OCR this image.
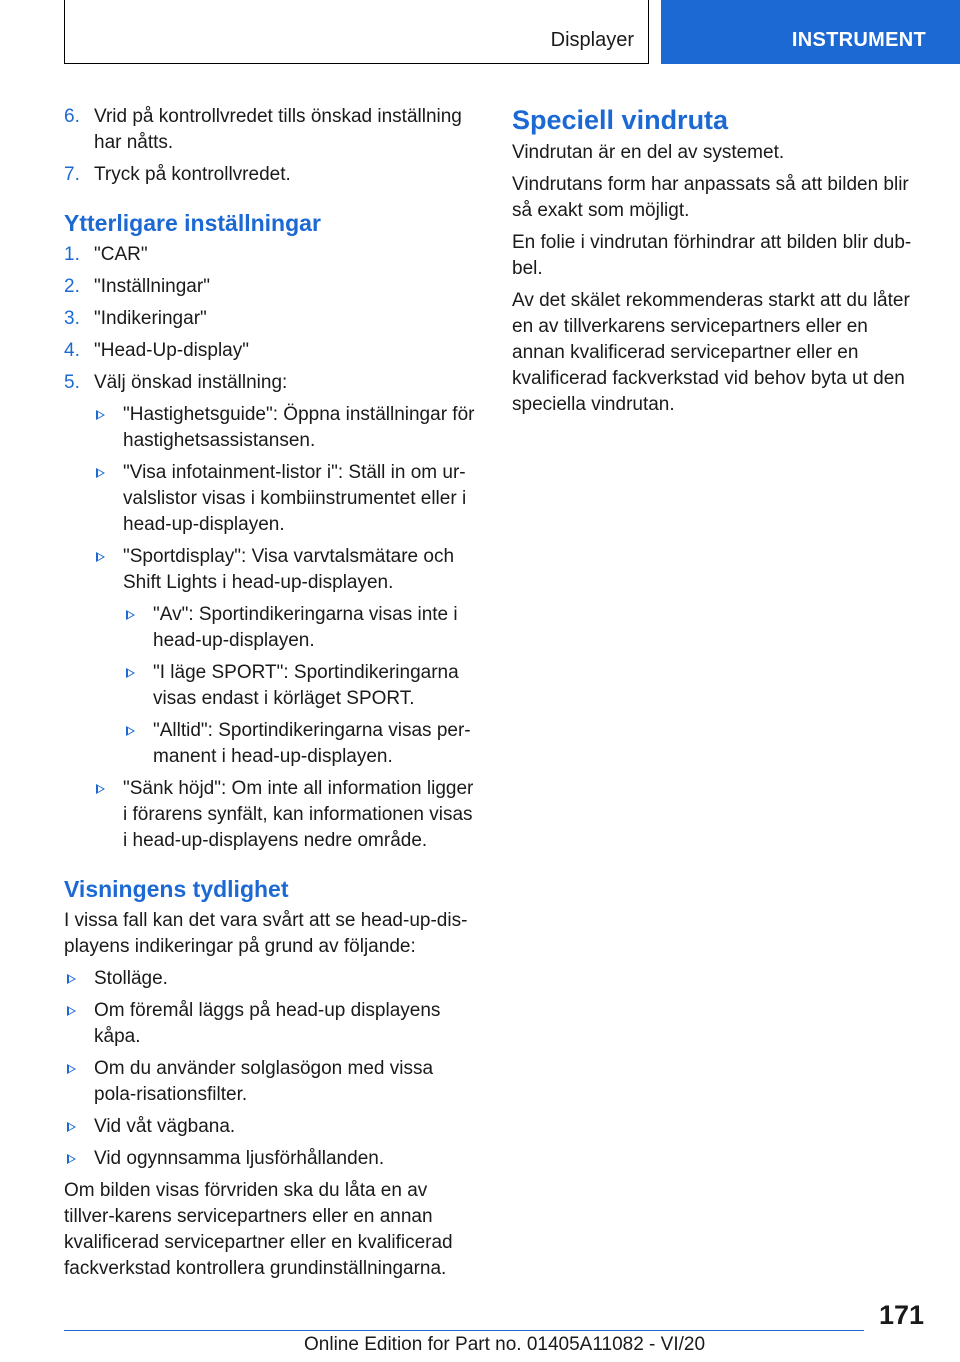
Displayer	INSTRUMENT
6. Vrid på kontrollvredet tills önskad inställning har nåtts.
7. Tryck på kontrollvredet.
Ytterligare inställningar
1. "CAR"
2. "Inställningar"
3. "Indikeringar"
4. "Head-Up-display"
5. Välj önskad inställning:
"Hastighetsguide": Öppna inställningar för hastighetsassistansen.
"Visa infotainment-listor i": Ställ in om ur-valslistor visas i kombiinstrumentet eller i head-up-displayen.
"Sportdisplay": Visa varvtalsmätare och Shift Lights i head-up-displayen.
"Av": Sportindikeringarna visas inte i head-up-displayen.
"I läge SPORT": Sportindikeringarna visas endast i körläget SPORT.
"Alltid": Sportindikeringarna visas per-manent i head-up-displayen.
"Sänk höjd": Om inte all information ligger i förarens synfält, kan informationen visas i head-up-displayens nedre område.
Visningens tydlighet

I vissa fall kan det vara svårt att se head-up-dis-playens indikeringar på grund av följande:

Stolläge.
Om föremål läggs på head-up displayens kåpa.
Om du använder solglasögon med vissa pola-risationsfilter.
Vid våt vägbana.
Vid ogynnsamma ljusförhållanden.

Om bilden visas förvriden ska du låta en av tillver-karens servicepartners eller en annan kvalificerad servicepartner eller en kvalificerad fackverkstad kontrollera grundinställningarna.

Speciell vindruta

Vindrutan är en del av systemet.

Vindrutans form har anpassats så att bilden blir så exakt som möjligt.

En folie i vindrutan förhindrar att bilden blir dub-bel.

Av det skälet rekommenderas starkt att du låter en av tillverkarens servicepartners eller en annan kvalificerad servicepartner eller en kvalificerad fackverkstad vid behov byta ut den speciella vindrutan.

171
Online Edition for Part no. 01405A11082 - VI/20
